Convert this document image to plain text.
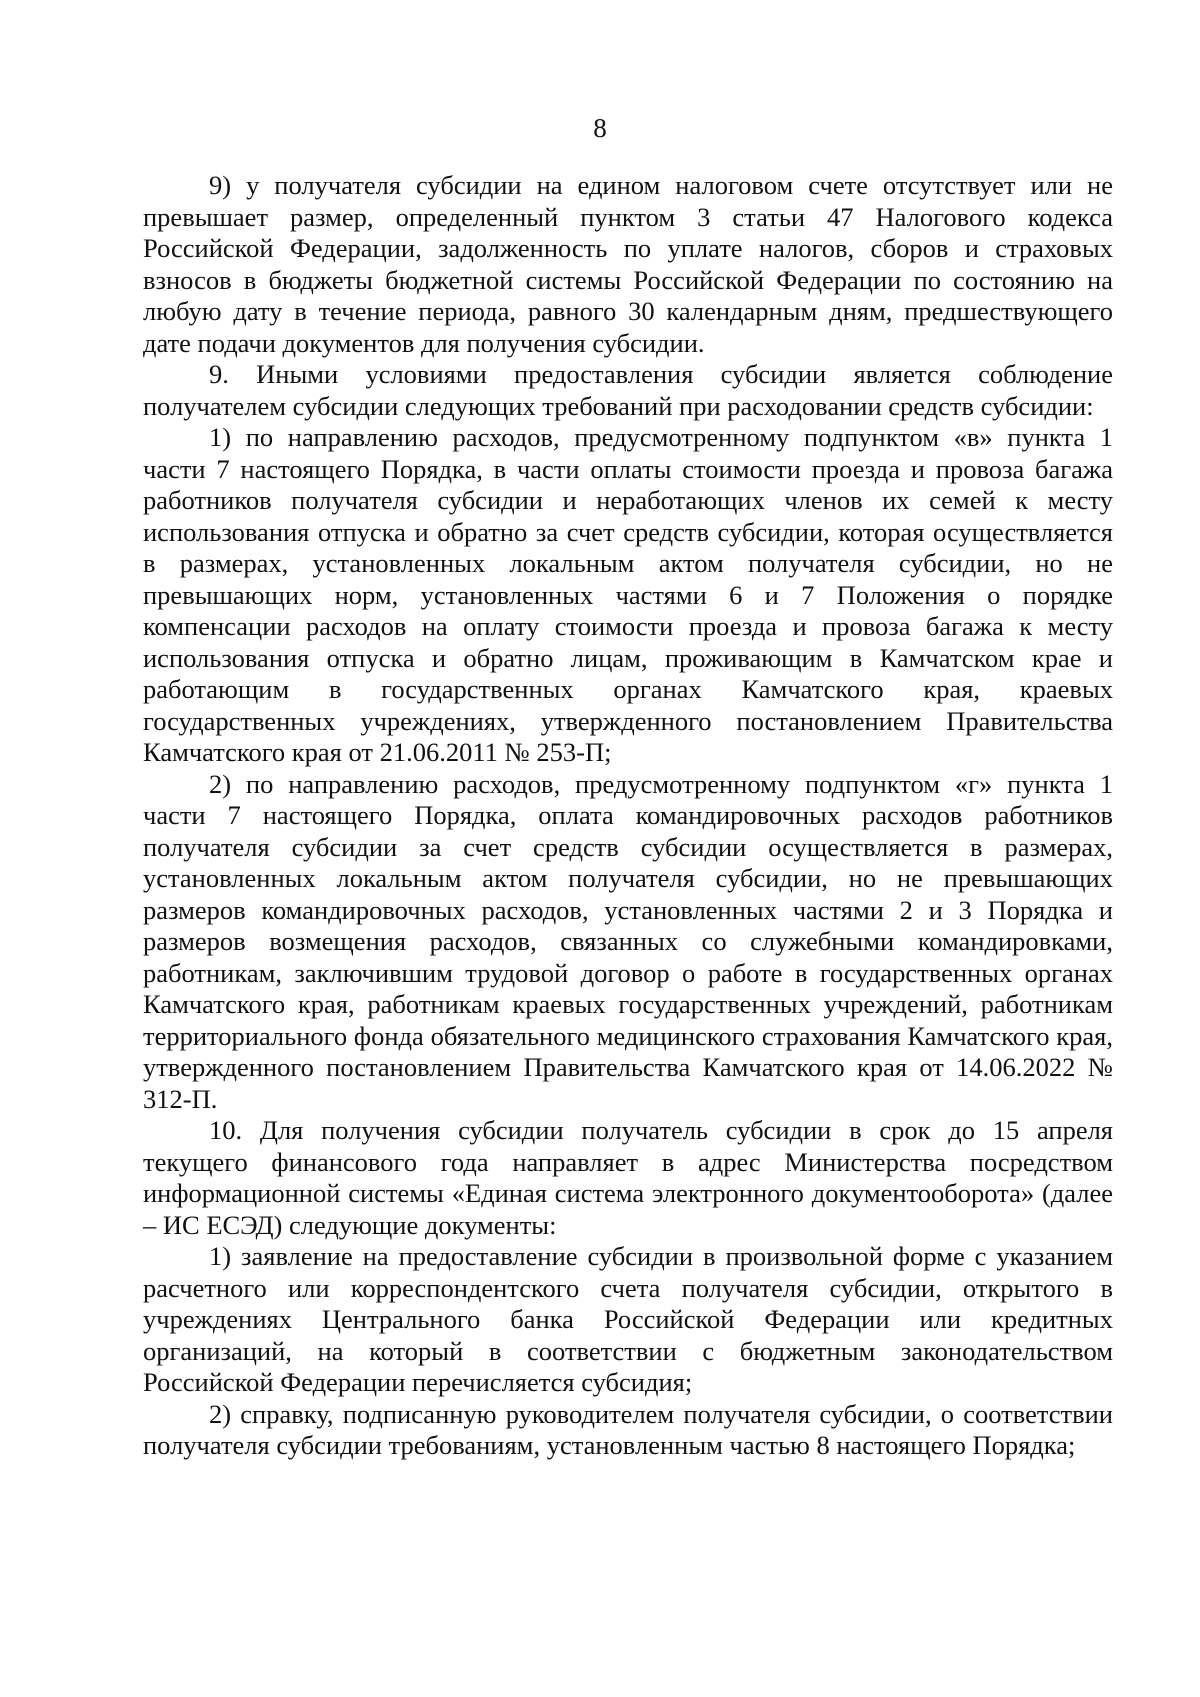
8

9) у получателя субсидии на едином налоговом счете отсутствует или не превышает размер, определенный пунктом 3 статьи 47 Налогового кодекса Российской Федерации, задолженность по уплате налогов, сборов и страховых взносов в бюджеты бюджетной системы Российской Федерации по состоянию на любую дату в течение периода, равного 30 календарным дням, предшествующего дате подачи документов для получения субсидии.

9. Иными условиями предоставления субсидии является соблюдение получателем субсидии следующих требований при расходовании средств субсидии:

1) по направлению расходов, предусмотренному подпунктом «в» пункта 1 части 7 настоящего Порядка, в части оплаты стоимости проезда и провоза багажа работников получателя субсидии и неработающих членов их семей к месту использования отпуска и обратно за счет средств субсидии, которая осуществляется в размерах, установленных локальным актом получателя субсидии, но не превышающих норм, установленных частями 6 и 7 Положения о порядке компенсации расходов на оплату стоимости проезда и провоза багажа к месту использования отпуска и обратно лицам, проживающим в Камчатском крае и работающим в государственных органах Камчатского края, краевых государственных учреждениях, утвержденного постановлением Правительства Камчатского края от 21.06.2011 № 253-П;

2) по направлению расходов, предусмотренному подпунктом «г» пункта 1 части 7 настоящего Порядка, оплата командировочных расходов работников получателя субсидии за счет средств субсидии осуществляется в размерах, установленных локальным актом получателя субсидии, но не превышающих размеров командировочных расходов, установленных частями 2 и 3 Порядка и размеров возмещения расходов, связанных со служебными командировками, работникам, заключившим трудовой договор о работе в государственных органах Камчатского края, работникам краевых государственных учреждений, работникам территориального фонда обязательного медицинского страхования Камчатского края, утвержденного постановлением Правительства Камчатского края от 14.06.2022 № 312-П.

10. Для получения субсидии получатель субсидии в срок до 15 апреля текущего финансового года направляет в адрес Министерства посредством информационной системы «Единая система электронного документооборота» (далее – ИС ЕСЭД) следующие документы:

1) заявление на предоставление субсидии в произвольной форме с указанием расчетного или корреспондентского счета получателя субсидии, открытого в учреждениях Центрального банка Российской Федерации или кредитных организаций, на который в соответствии с бюджетным законодательством Российской Федерации перечисляется субсидия;

2) справку, подписанную руководителем получателя субсидии, о соответствии получателя субсидии требованиям, установленным частью 8 настоящего Порядка;
